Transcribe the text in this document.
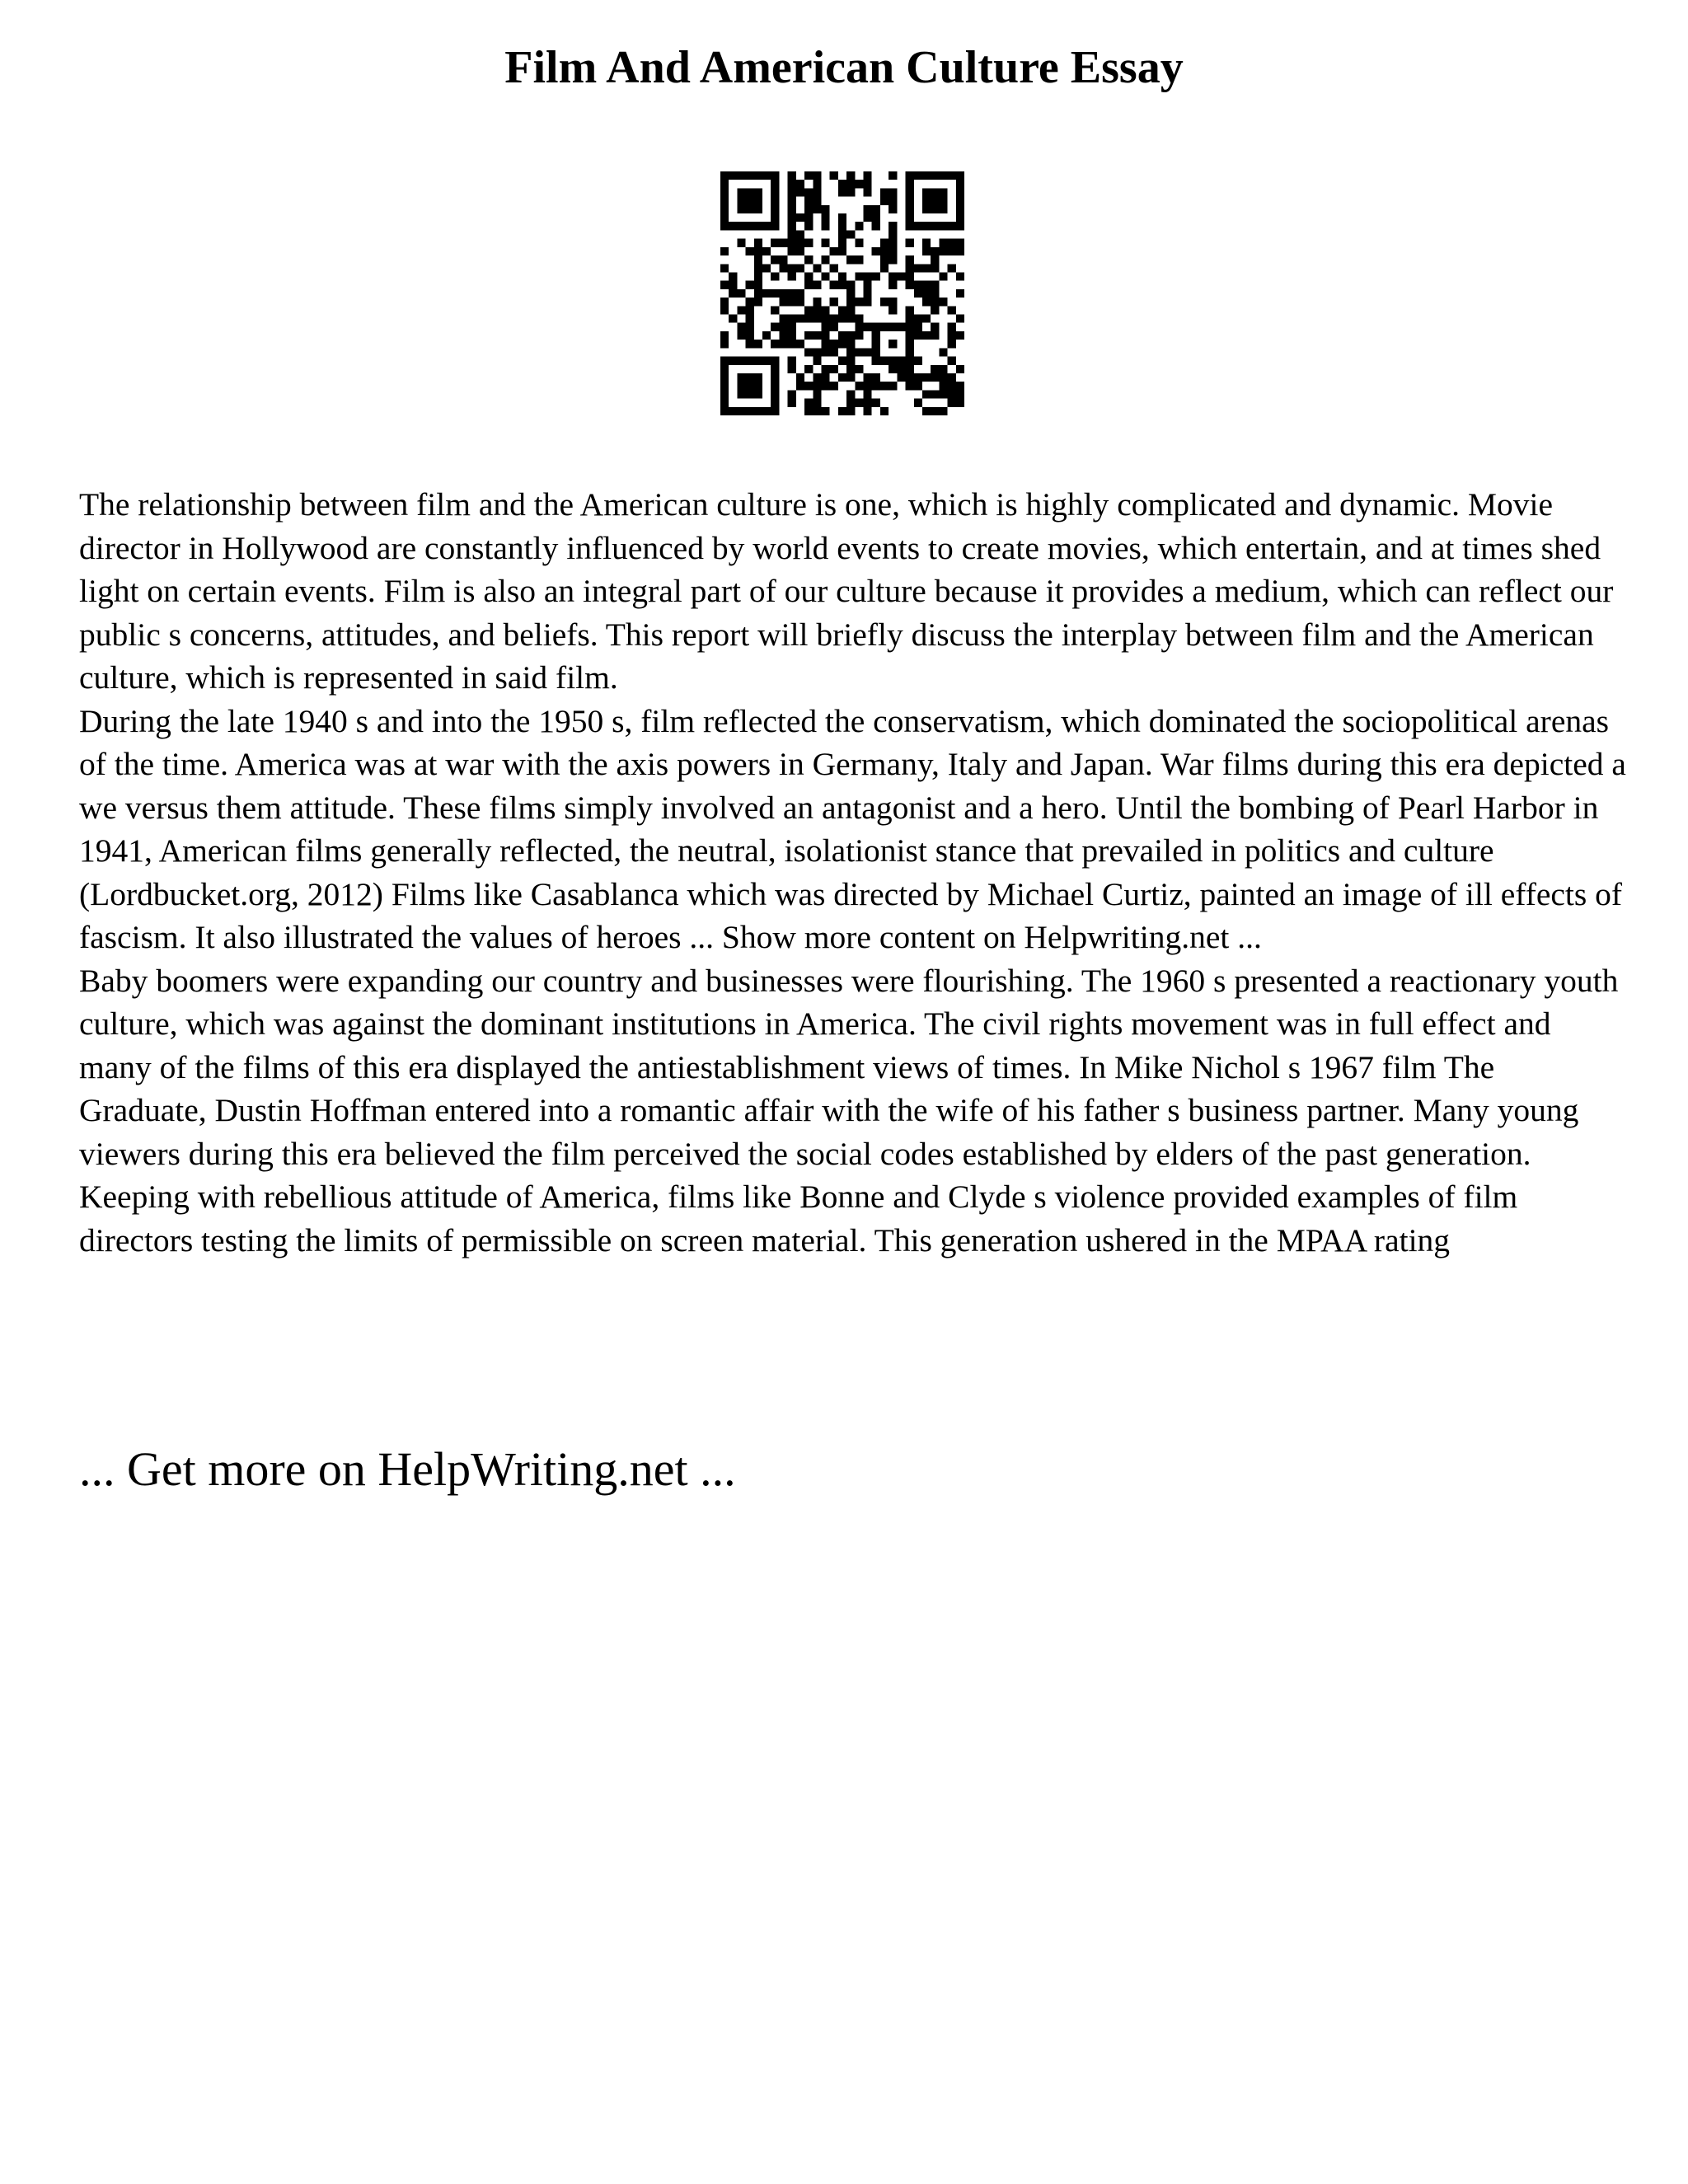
Film And American Culture Essay

The relationship between film and the American culture is one, which is highly complicated and dynamic. Movie director in Hollywood are constantly influenced by world events to create movies, which entertain, and at times shed light on certain events. Film is also an integral part of our culture because it provides a medium, which can reflect our public s concerns, attitudes, and beliefs. This report will briefly discuss the interplay between film and the American culture, which is represented in said film.

During the late 1940 s and into the 1950 s, film reflected the conservatism, which dominated the sociopolitical arenas of the time. America was at war with the axis powers in Germany, Italy and Japan. War films during this era depicted a we versus them attitude. These films simply involved an antagonist and a hero. Until the bombing of Pearl Harbor in 1941, American films generally reflected, the neutral, isolationist stance that prevailed in politics and culture (Lordbucket.org, 2012) Films like Casablanca which was directed by Michael Curtiz, painted an image of ill effects of fascism. It also illustrated the values of heroes ... Show more content on Helpwriting.net ...

Baby boomers were expanding our country and businesses were flourishing. The 1960 s presented a reactionary youth culture, which was against the dominant institutions in America. The civil rights movement was in full effect and many of the films of this era displayed the antiestablishment views of times. In Mike Nichol s 1967 film The Graduate, Dustin Hoffman entered into a romantic affair with the wife of his father s business partner. Many young viewers during this era believed the film perceived the social codes established by elders of the past generation. Keeping with rebellious attitude of America, films like Bonne and Clyde s violence provided examples of film directors testing the limits of permissible on screen material. This generation ushered in the MPAA rating

... Get more on HelpWriting.net ...
